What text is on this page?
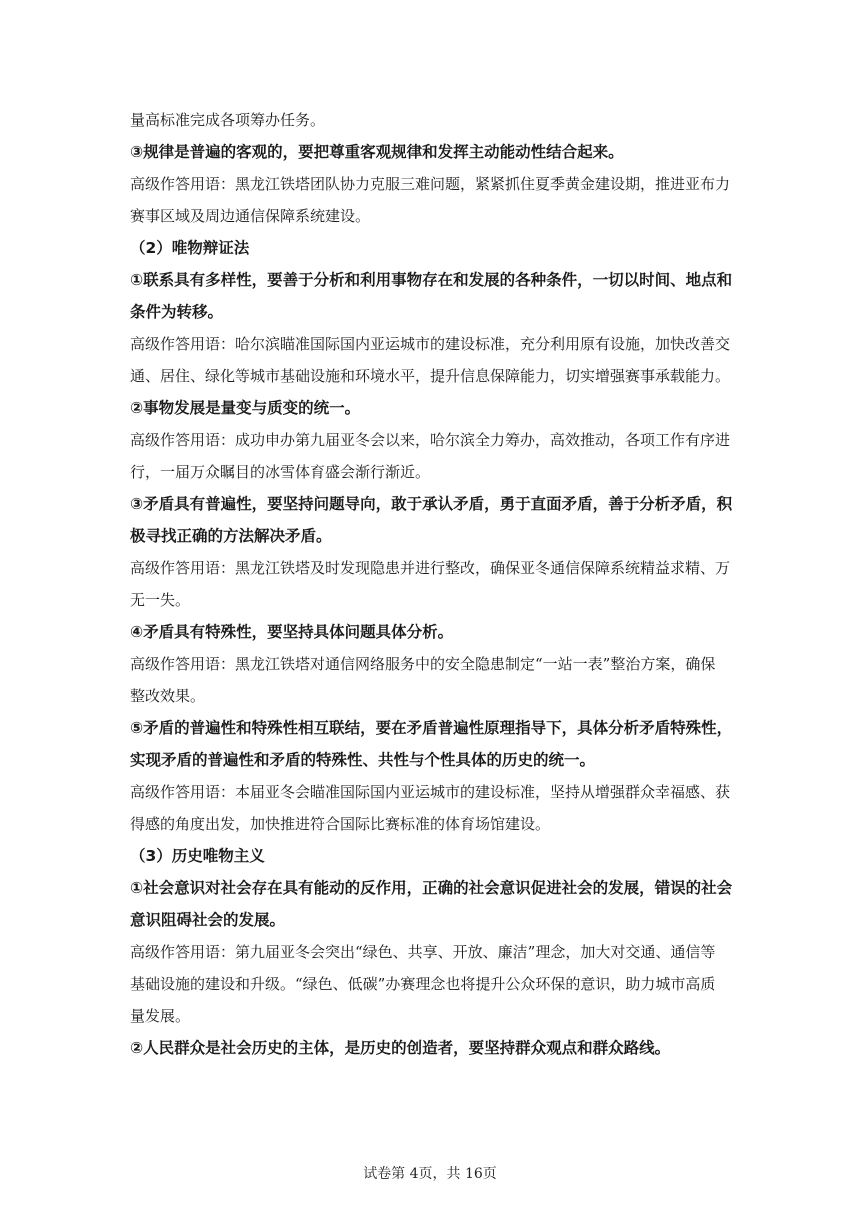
量高标准完成各项筹办任务。

③规律是普遍的客观的，要把尊重客观规律和发挥主动能动性结合起来。

高级作答用语：黑龙江铁塔团队协力克服三难问题，紧紧抓住夏季黄金建设期，推进亚布力

赛事区域及周边通信保障系统建设。

（2）唯物辩证法

①联系具有多样性，要善于分析和利用事物存在和发展的各种条件，一切以时间、地点和

条件为转移。

高级作答用语：哈尔滨瞄准国际国内亚运城市的建设标准，充分利用原有设施，加快改善交

通、居住、绿化等城市基础设施和环境水平，提升信息保障能力，切实增强赛事承载能力。

②事物发展是量变与质变的统一。

高级作答用语：成功申办第九届亚冬会以来，哈尔滨全力筹办，高效推动，各项工作有序进

行，一届万众瞩目的冰雪体育盛会渐行渐近。

③矛盾具有普遍性，要坚持问题导向，敢于承认矛盾，勇于直面矛盾，善于分析矛盾，积

极寻找正确的方法解决矛盾。

高级作答用语：黑龙江铁塔及时发现隐患并进行整改，确保亚冬通信保障系统精益求精、万

无一失。

④矛盾具有特殊性，要坚持具体问题具体分析。

高级作答用语：黑龙江铁塔对通信网络服务中的安全隐患制定“一站一表”整治方案，确保

整改效果。

⑤矛盾的普遍性和特殊性相互联结，要在矛盾普遍性原理指导下，具体分析矛盾特殊性，

实现矛盾的普遍性和矛盾的特殊性、共性与个性具体的历史的统一。

高级作答用语：本届亚冬会瞄准国际国内亚运城市的建设标准，坚持从增强群众幸福感、获

得感的角度出发，加快推进符合国际比赛标准的体育场馆建设。

（3）历史唯物主义

①社会意识对社会存在具有能动的反作用，正确的社会意识促进社会的发展，错误的社会

意识阻碍社会的发展。

高级作答用语：第九届亚冬会突出“绿色、共享、开放、廉洁”理念，加大对交通、通信等

基础设施的建设和升级。“绿色、低碳”办赛理念也将提升公众环保的意识，助力城市高质

量发展。

②人民群众是社会历史的主体，是历史的创造者，要坚持群众观点和群众路线。

试卷第 4页，共 16页
